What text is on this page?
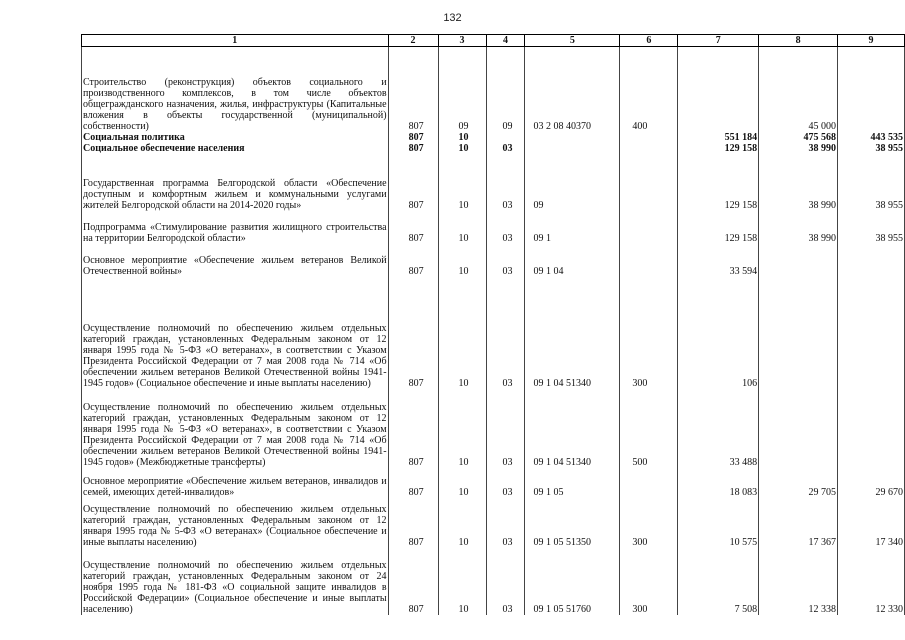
132
1	2	3	4	5	6	7	8	9

Строительство (реконструкция) объектов социального и производственного комплексов, в том числе объектов общегражданского назначения, жилья, инфраструктуры (Капитальные вложения в объекты государственной (муниципальной) собственности)	807	09	09	03 2 08 40370	400		45 000	

Социальная политика	807	10				551 184	475 568	443 535

Социальное обеспечение населения	807	10	03			129 158	38 990	38 955

Государственная программа Белгородской области «Обеспечение доступным и комфортным жильем и коммунальными услугами жителей Белгородской области на 2014-2020 годы»	807	10	03	09		129 158	38 990	38 955

Подпрограмма «Стимулирование развития жилищного строительства на территории Белгородской области»	807	10	03	09 1		129 158	38 990	38 955

Основное мероприятие «Обеспечение жильем ветеранов Великой Отечественной войны»	807	10	03	09 1 04		33 594		

Осуществление полномочий по обеспечению жильем отдельных категорий граждан, установленных Федеральным законом от 12 января 1995 года № 5-ФЗ «О ветеранах», в соответствии с Указом Президента Российской Федерации от 7 мая 2008 года № 714 «Об обеспечении жильем ветеранов Великой Отечественной войны 1941-1945 годов» (Социальное обеспечение и иные выплаты населению)	807	10	03	09 1 04 51340	300	106		

Осуществление полномочий по обеспечению жильем отдельных категорий граждан, установленных Федеральным законом от 12 января 1995 года № 5-ФЗ «О ветеранах», в соответствии с Указом Президента Российской Федерации от 7 мая 2008 года № 714 «Об обеспечении жильем ветеранов Великой Отечественной войны 1941-1945 годов» (Межбюджетные трансферты)	807	10	03	09 1 04 51340	500	33 488		

Основное мероприятие «Обеспечение жильем ветеранов, инвалидов и семей, имеющих детей-инвалидов»	807	10	03	09 1 05		18 083	29 705	29 670

Осуществление полномочий по обеспечению жильем отдельных категорий граждан, установленных Федеральным законом от 12 января 1995 года № 5-ФЗ «О ветеранах» (Социальное обеспечение и иные выплаты населению)	807	10	03	09 1 05 51350	300	10 575	17 367	17 340

Осуществление полномочий по обеспечению жильем отдельных категорий граждан, установленных Федеральным законом от 24 ноября 1995 года № 181-ФЗ «О социальной защите инвалидов в Российской Федерации» (Социальное обеспечение и иные выплаты населению)	807	10	03	09 1 05 51760	300	7 508	12 338	12 330
